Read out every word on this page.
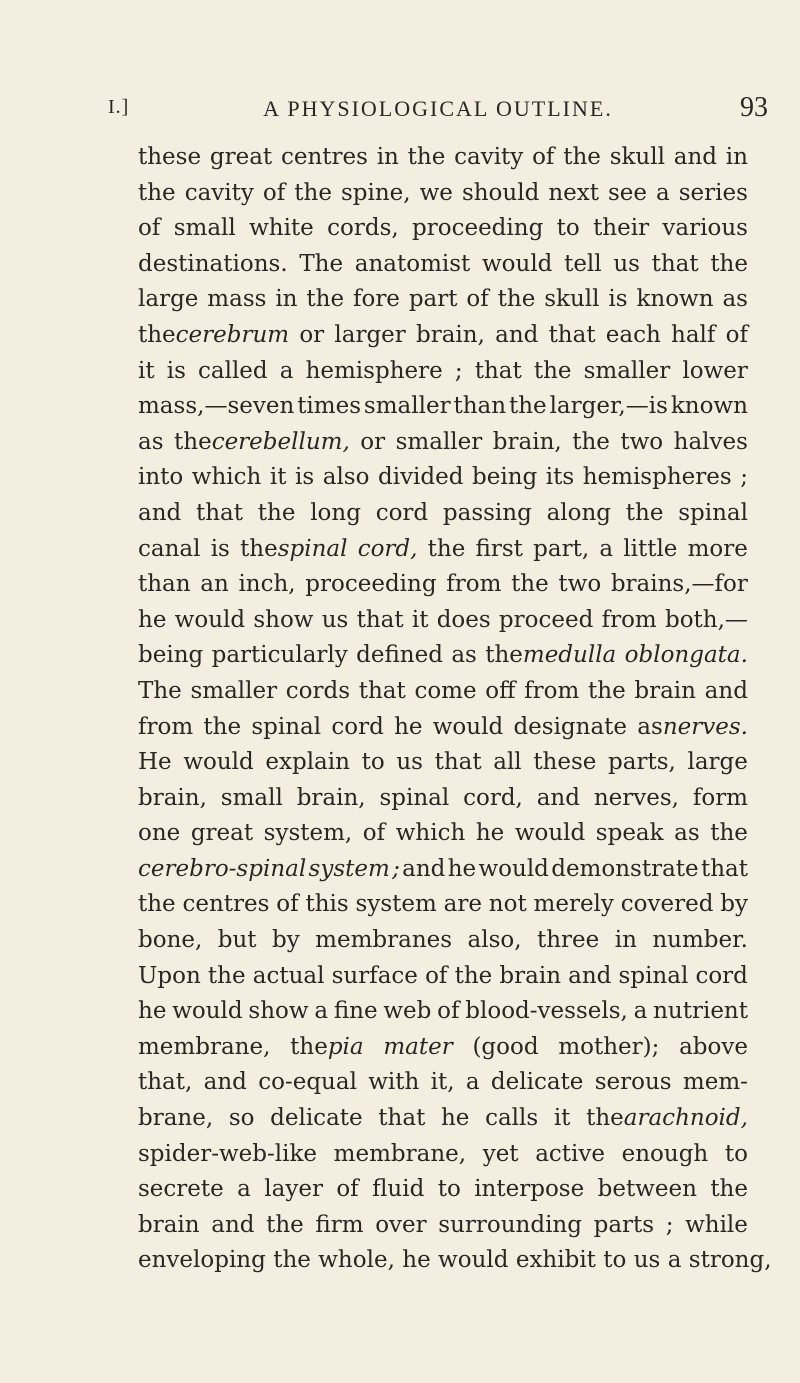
I.]	A PHYSIOLOGICAL OUTLINE.	93
these great centres in the cavity of the skull and in
the cavity of the spine, we should next see a series
of small white cords, proceeding to their various
destinations. The anatomist would tell us that the
large mass in the fore part of the skull is known as
thecerebrum or larger brain, and that each half of
it is called a hemisphere ; that the smaller lower
mass,—seven times smaller than the larger,—is known
as thecerebellum, or smaller brain, the two halves
into which it is also divided being its hemispheres ;
and that the long cord passing along the spinal
canal is thespinal cord, the first part, a little more
than an inch, proceeding from the two brains,—for
he would show us that it does proceed from both,—
being particularly defined as themedulla oblongata.
The smaller cords that come off from the brain and
from the spinal cord he would designate asnerves.
He would explain to us that all these parts, large
brain, small brain, spinal cord, and nerves, form
one great system, of which he would speak as the
cerebro-spinal system ; and he would demonstrate that
the centres of this system are not merely covered by
bone, but by membranes also, three in number.
Upon the actual surface of the brain and spinal cord
he would show a fine web of blood-vessels, a nutrient
membrane, thepia mater (good mother); above
that, and co-equal with it, a delicate serous mem-
brane, so delicate that he calls it thearachnoid,
spider-web-like membrane, yet active enough to
secrete a layer of fluid to interpose between the
brain and the firm over surrounding parts ; while
enveloping the whole, he would exhibit to us a strong,
